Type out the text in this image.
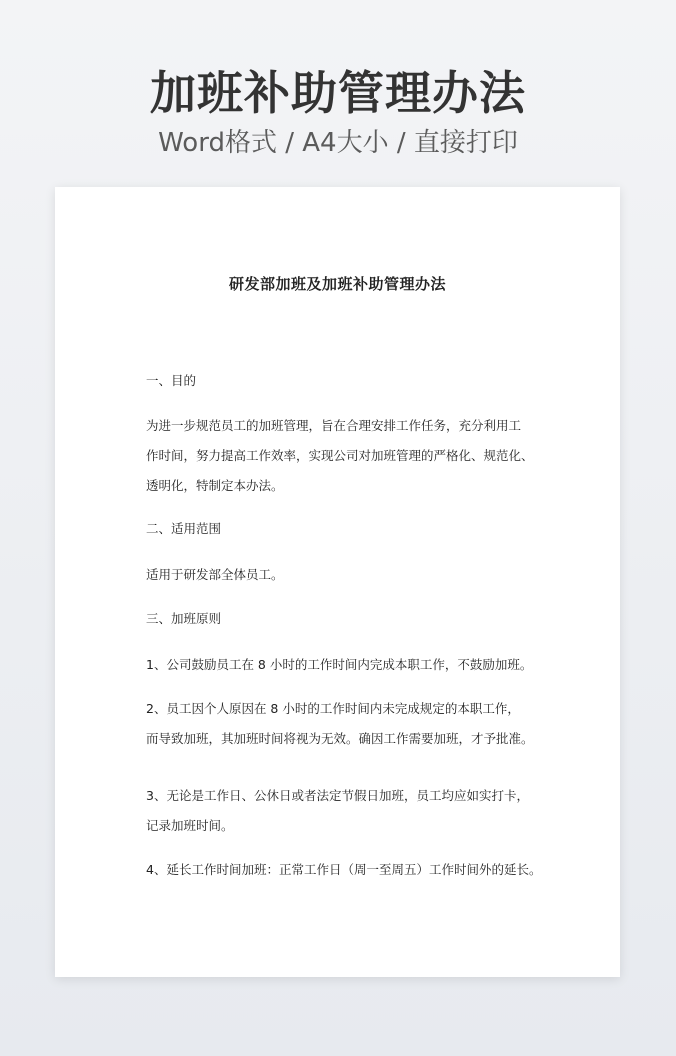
加班补助管理办法
Word格式 / A4大小 / 直接打印
研发部加班及加班补助管理办法
一、目的
为进一步规范员工的加班管理，旨在合理安排工作任务，充分利用工
作时间，努力提高工作效率，实现公司对加班管理的严格化、规范化、
透明化，特制定本办法。
二、适用范围
适用于研发部全体员工。
三、加班原则
1、公司鼓励员工在 8 小时的工作时间内完成本职工作，不鼓励加班。
2、员工因个人原因在 8 小时的工作时间内未完成规定的本职工作，
而导致加班，其加班时间将视为无效。确因工作需要加班，才予批准。
3、无论是工作日、公休日或者法定节假日加班，员工均应如实打卡，
记录加班时间。
4、延长工作时间加班：正常工作日（周一至周五）工作时间外的延长。
